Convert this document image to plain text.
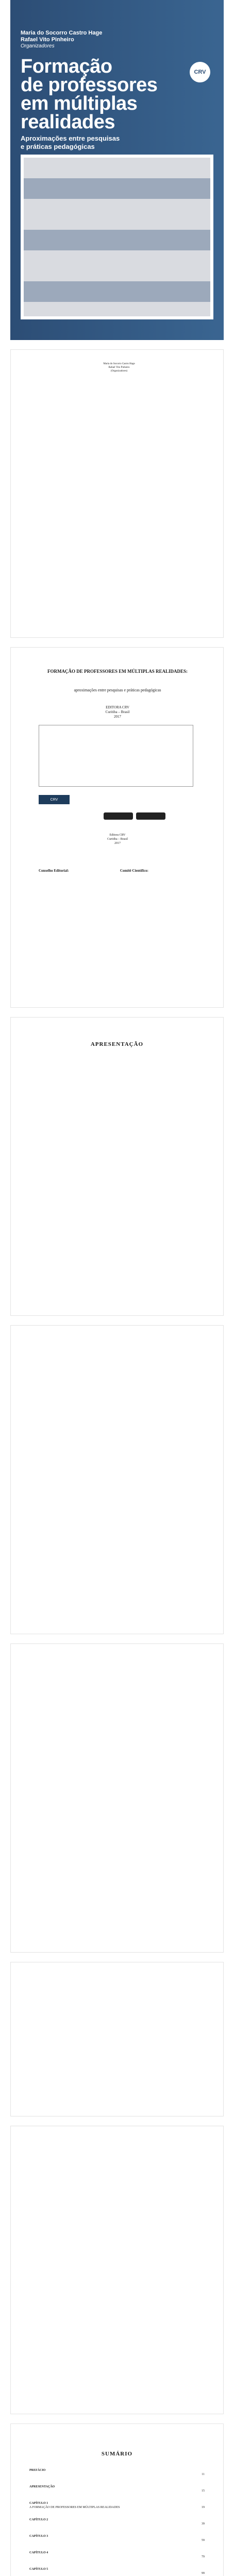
Maria do Socorro Castro Hage
Rafael Vito Pinheiro
Organizadores
Formação
de professores
em múltiplas
realidades
Aproximações entre pesquisas
e práticas pedagógicas
CRV
Maria do Socorro Castro Hage
Rafael Vito Pinheiro
(Organizadores)
FORMAÇÃO DE PROFESSORES EM MÚLTIPLAS REALIDADES:
aproximações entre pesquisas e práticas pedagógicas
EDITORA CRV
Curitiba – Brasil
2017
CRV
Editora CRV
Curitiba – Brasil
2017
Conselho Editorial:	Comitê Científico:
APRESENTAÇÃO
SUMÁRIO
PREFÁCIO
11
APRESENTAÇÃO
15
CAPÍTULO 1
A FORMAÇÃO DE PROFESSORES EM MÚLTIPLAS REALIDADES	19
CAPÍTULO 2
39
CAPÍTULO 3
59
CAPÍTULO 4
79
CAPÍTULO 5
99
